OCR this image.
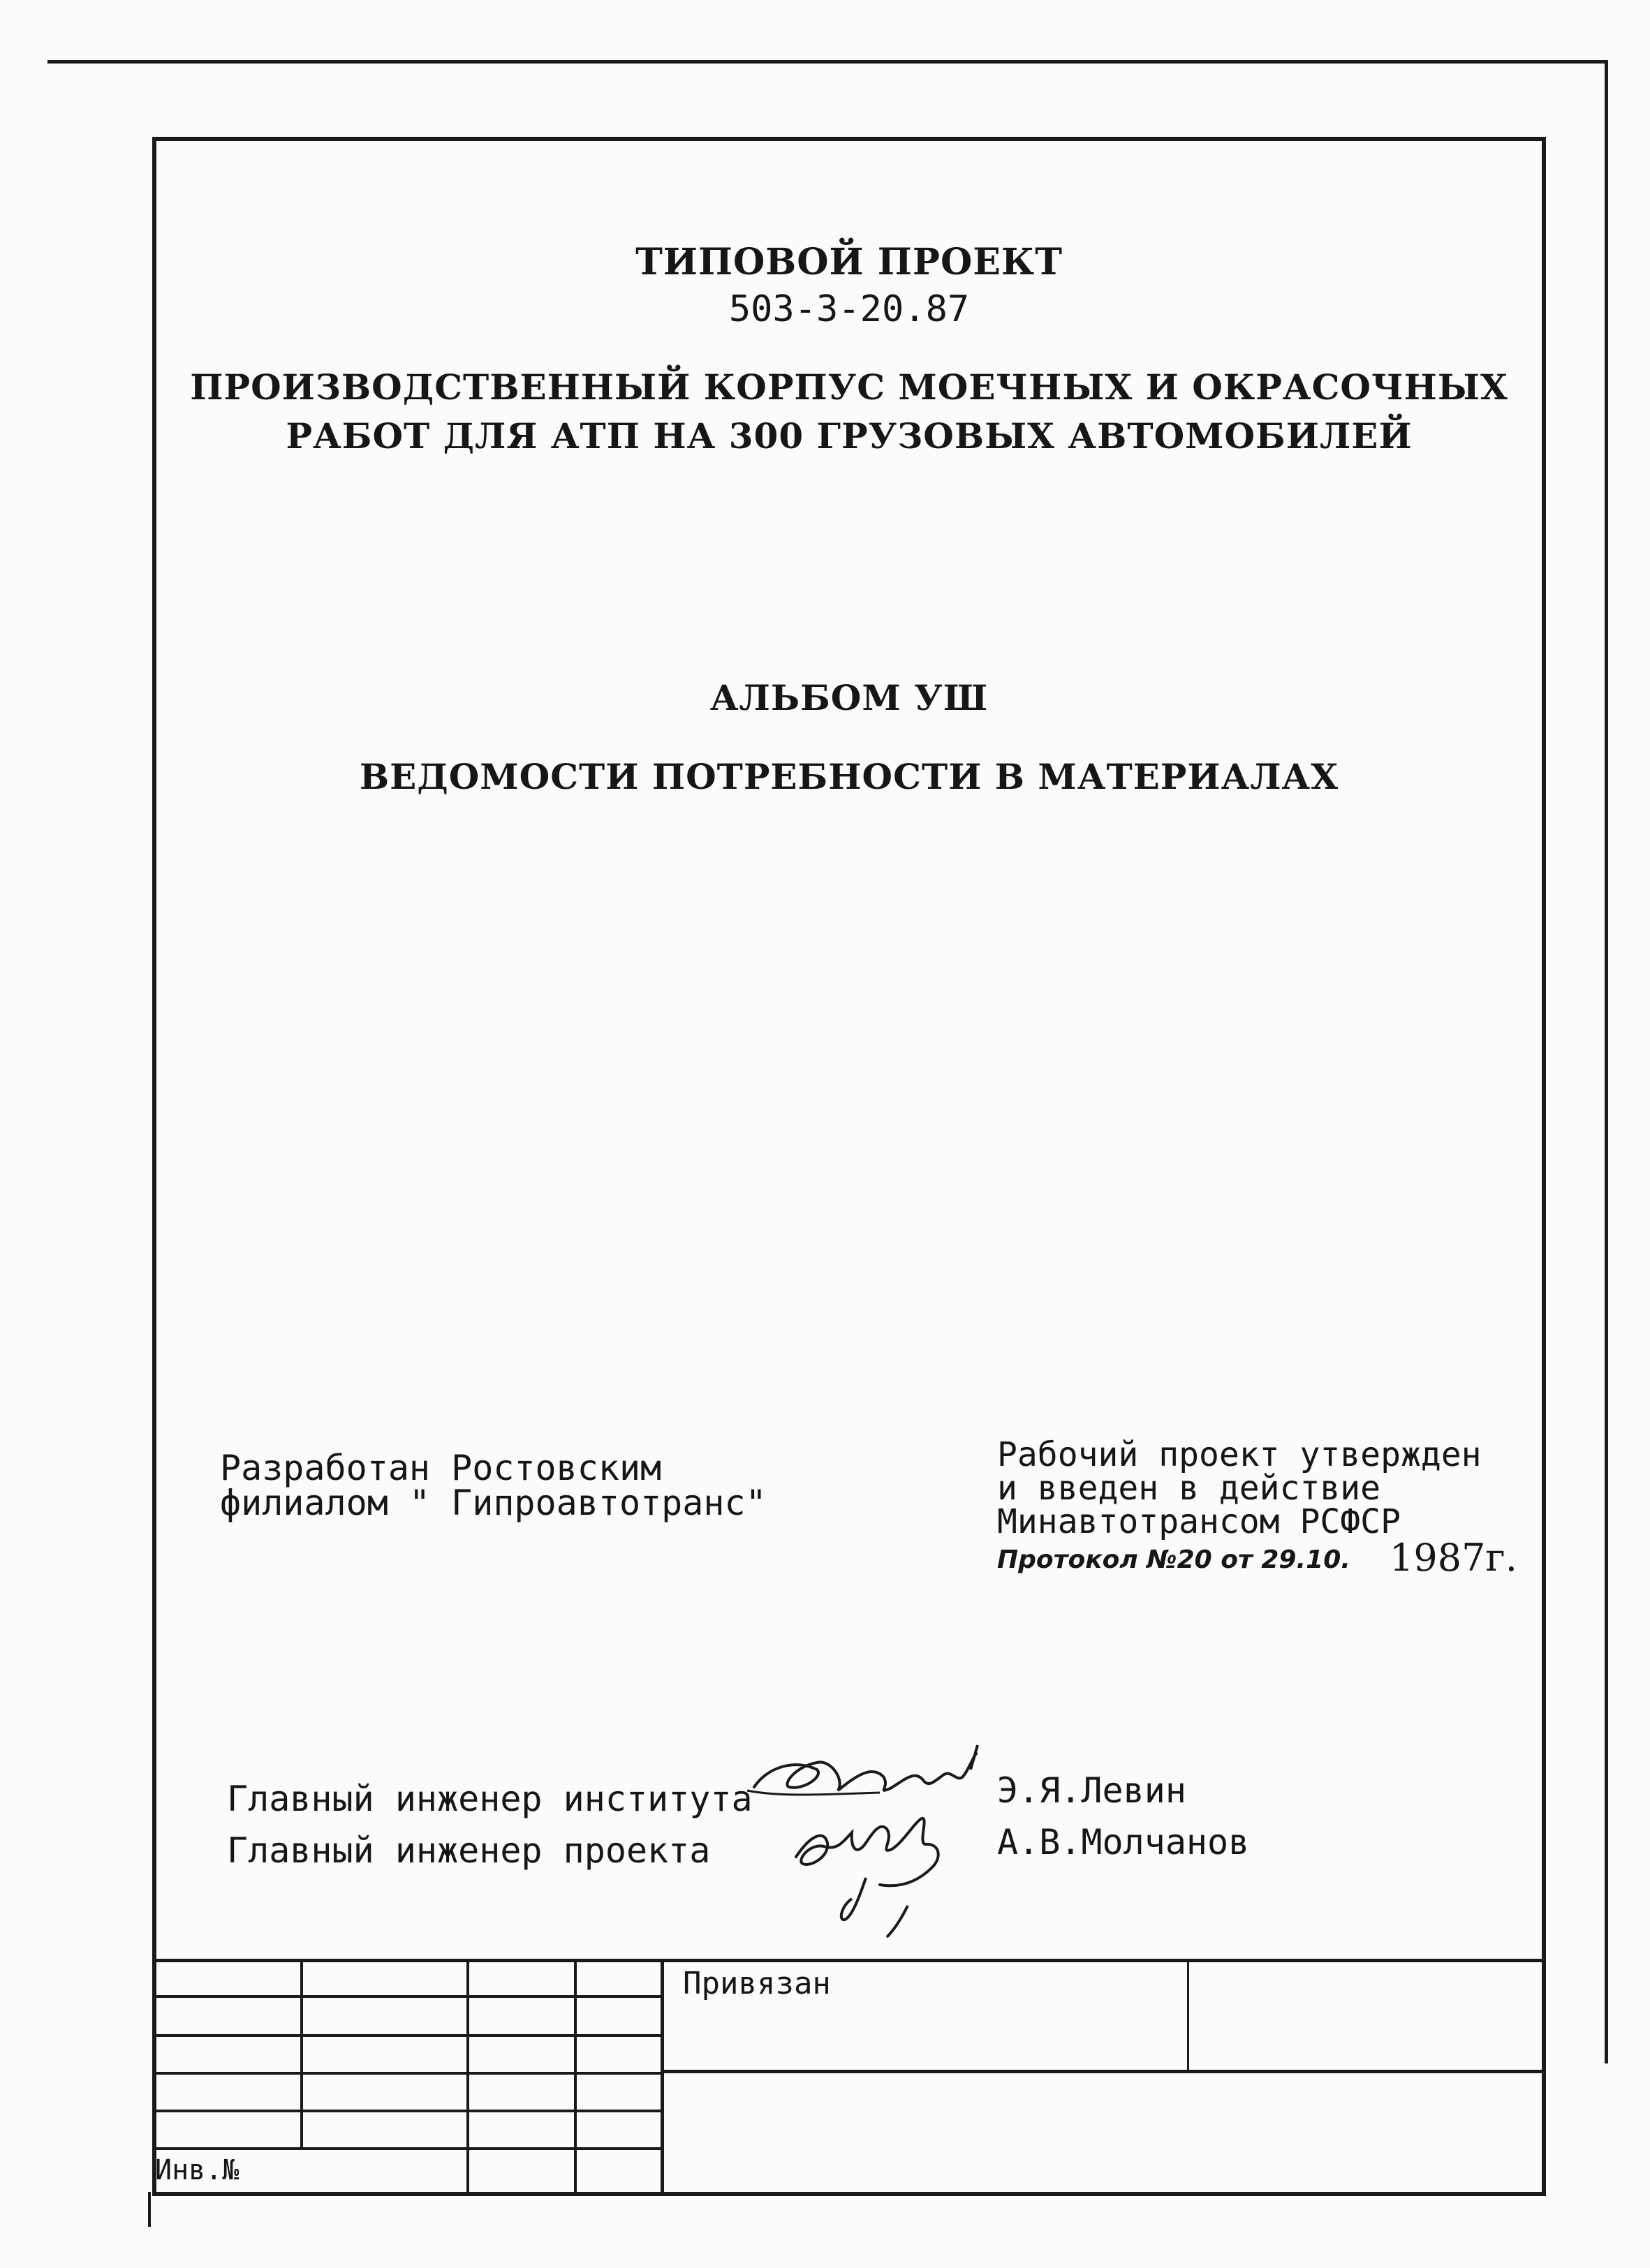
ТИПОВОЙ ПРОЕКТ
503-3-20.87
ПРОИЗВОДСТВЕННЫЙ КОРПУС МОЕЧНЫХ И ОКРАСОЧНЫХ
РАБОТ ДЛЯ АТП НА 300 ГРУЗОВЫХ АВТОМОБИЛЕЙ
АЛЬБОМ УШ
ВЕДОМОСТИ ПОТРЕБНОСТИ В МАТЕРИАЛАХ
Разработан Ростовским
филиалом " Гипроавтотранс"
Рабочий проект утвержден
и введен в действие
Минавтотрансом РСФСР
Протокол №20 от 29.10. 1987г.
Главный инженер института
Главный инженер проекта
Э.Я.Левин
А.В.Молчанов
Привязан
Инв.№
